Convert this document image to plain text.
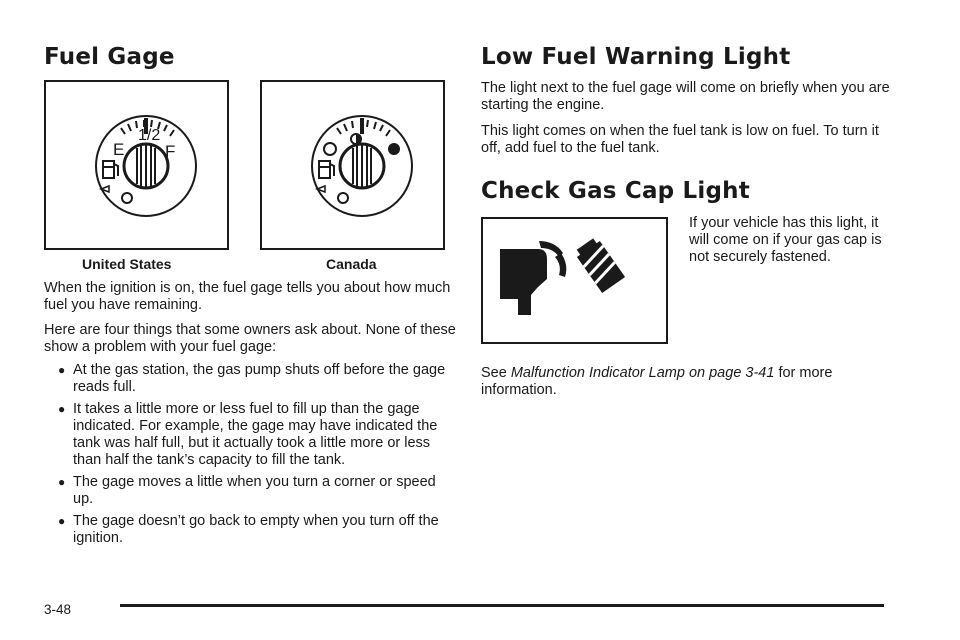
Fuel Gage
E
1/2
F
United States	Canada

When the ignition is on, the fuel gage tells you about how much fuel you have remaining.

Here are four things that some owners ask about. None of these show a problem with your fuel gage:

● At the gas station, the gas pump shuts off before the gage reads full.
● It takes a little more or less fuel to fill up than the gage indicated. For example, the gage may have indicated the tank was half full, but it actually took a little more or less than half the tank’s capacity to fill the tank.
● The gage moves a little when you turn a corner or speed up.
● The gage doesn’t go back to empty when you turn off the ignition.
Low Fuel Warning Light

The light next to the fuel gage will come on briefly when you are starting the engine.

This light comes on when the fuel tank is low on fuel. To turn it off, add fuel to the fuel tank.

Check Gas Cap Light

If your vehicle has this light, it will come on if your gas cap is not securely fastened.

See Malfunction Indicator Lamp on page 3-41 for more information.

3-48
